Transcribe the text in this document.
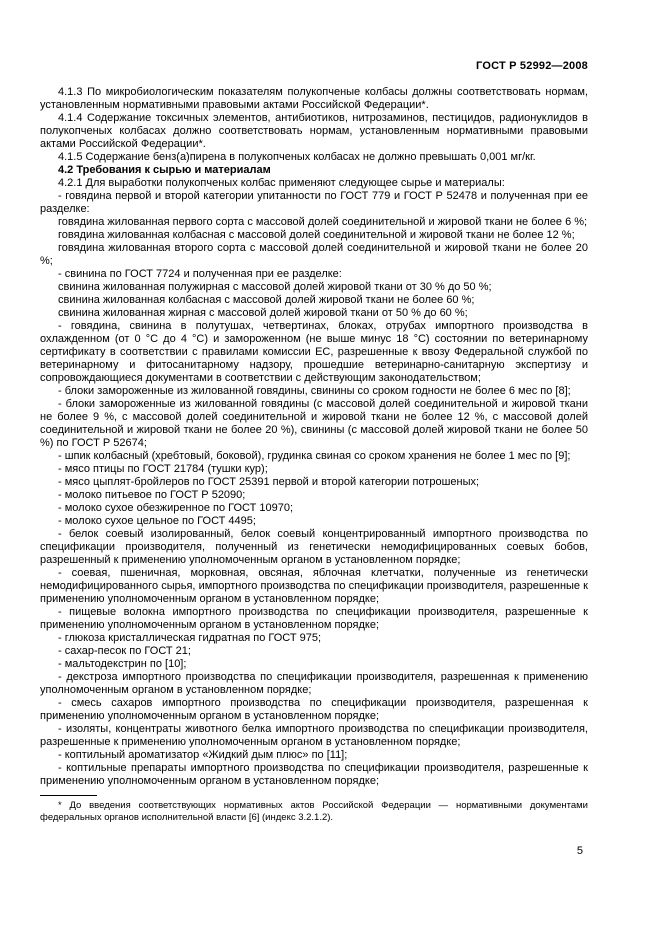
ГОСТ Р 52992—2008

4.1.3 По микробиологическим показателям полукопченые колбасы должны соответствовать нормам, установленным нормативными правовыми актами Российской Федерации*.

4.1.4 Содержание токсичных элементов, антибиотиков, нитрозаминов, пестицидов, радионуклидов в полукопченых колбасах должно соответствовать нормам, установленным нормативными правовыми актами Российской Федерации*.

4.1.5 Содержание бенз(а)пирена в полукопченых колбасах не должно превышать 0,001 мг/кг.

4.2 Требования к сырью и материалам

4.2.1 Для выработки полукопченых колбас применяют следующее сырье и материалы:

- говядина первой и второй категории упитанности по ГОСТ 779 и ГОСТ Р 52478 и полученная при ее разделке:

говядина жилованная первого сорта с массовой долей соединительной и жировой ткани не более 6 %;

говядина жилованная колбасная с массовой долей соединительной и жировой ткани не более 12 %;

говядина жилованная второго сорта с массовой долей соединительной и жировой ткани не более 20 %;

- свинина по ГОСТ 7724 и полученная при ее разделке:

свинина жилованная полужирная с массовой долей жировой ткани от 30 % до 50 %;

свинина жилованная колбасная с массовой долей жировой ткани не более 60 %;

свинина жилованная жирная с массовой долей жировой ткани от 50 % до 60 %;

- говядина, свинина в полутушах, четвертинах, блоках, отрубах импортного производства в охлажденном (от 0 °С до 4 °С) и замороженном (не выше минус 18 °С) состоянии по ветеринарному сертификату в соответствии с правилами комиссии ЕС, разрешенные к ввозу Федеральной службой по ветеринарному и фитосанитарному надзору, прошедшие ветеринарно-санитарную экспертизу и сопровождающиеся документами в соответствии с действующим законодательством;

- блоки замороженные из жилованной говядины, свинины со сроком годности не более 6 мес по [8];

- блоки замороженные из жилованной говядины (с массовой долей соединительной и жировой ткани не более 9 %, с массовой долей соединительной и жировой ткани не более 12 %, с массовой долей соединительной и жировой ткани не более 20 %), свинины (с массовой долей жировой ткани не более 50 %) по ГОСТ Р 52674;

- шпик колбасный (хребтовый, боковой), грудинка свиная со сроком хранения не более 1 мес по [9];

- мясо птицы по ГОСТ 21784 (тушки кур);

- мясо цыплят-бройлеров по ГОСТ 25391 первой и второй категории потрошеных;

- молоко питьевое по ГОСТ Р 52090;

- молоко сухое обезжиренное по ГОСТ 10970;

- молоко сухое цельное по ГОСТ 4495;

- белок соевый изолированный, белок соевый концентрированный импортного производства по спецификации производителя, полученный из генетически немодифицированных соевых бобов, разрешенный к применению уполномоченным органом в установленном порядке;

- соевая, пшеничная, морковная, овсяная, яблочная клетчатки, полученные из генетически немодифицированного сырья, импортного производства по спецификации производителя, разрешенные к применению уполномоченным органом в установленном порядке;

- пищевые волокна импортного производства по спецификации производителя, разрешенные к применению уполномоченным органом в установленном порядке;

- глюкоза кристаллическая гидратная по ГОСТ 975;

- сахар-песок по ГОСТ 21;

- мальтодекстрин по [10];

- декстроза импортного производства по спецификации производителя, разрешенная к применению уполномоченным органом в установленном порядке;

- смесь сахаров импортного производства по спецификации производителя, разрешенная к применению уполномоченным органом в установленном порядке;

- изоляты, концентраты животного белка импортного производства по спецификации производителя, разрешенные к применению уполномоченным органом в установленном порядке;

- коптильный ароматизатор «Жидкий дым плюс» по [11];

- коптильные препараты импортного производства по спецификации производителя, разрешенные к применению уполномоченным органом в установленном порядке;

* До введения соответствующих нормативных актов Российской Федерации — нормативными документами федеральных органов исполнительной власти [6] (индекс 3.2.1.2).
5
